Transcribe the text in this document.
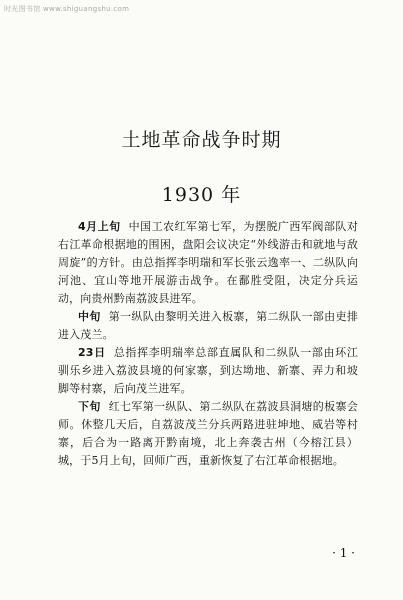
时光图书馆 www.shiguangshu.com
土地革命战争时期
1930 年

4月上旬 中国工农红军第七军，为摆脱广西军阀部队对右江革命根据地的围困，盘阳会议决定“外线游击和就地与敌周旋”的方针。由总指挥李明瑞和军长张云逸率一、二纵队向河池、宜山等地开展游击战争。在鄱胜受阻，决定分兵运动，向贵州黔南荔波县进军。

中旬 第一纵队由黎明关进入板寨，第二纵队一部由吏排进入茂兰。

23日 总指挥李明瑞率总部直属队和二纵队一部由环江驯乐乡进入荔波县境的何家寨，到达坳地、新寨、弄力和坡脚等村寨，后向茂兰进军。

下旬 红七军第一纵队、第二纵队在荔波县洞塘的板寨会师。休整几天后，自荔波茂兰分兵两路进驻坤地、威岩等村寨，后合为一路离开黔南境，北上奔袭古州（今榕江县）城，于5月上旬，回师广西，重新恢复了右江革命根据地。

· 1 ·
